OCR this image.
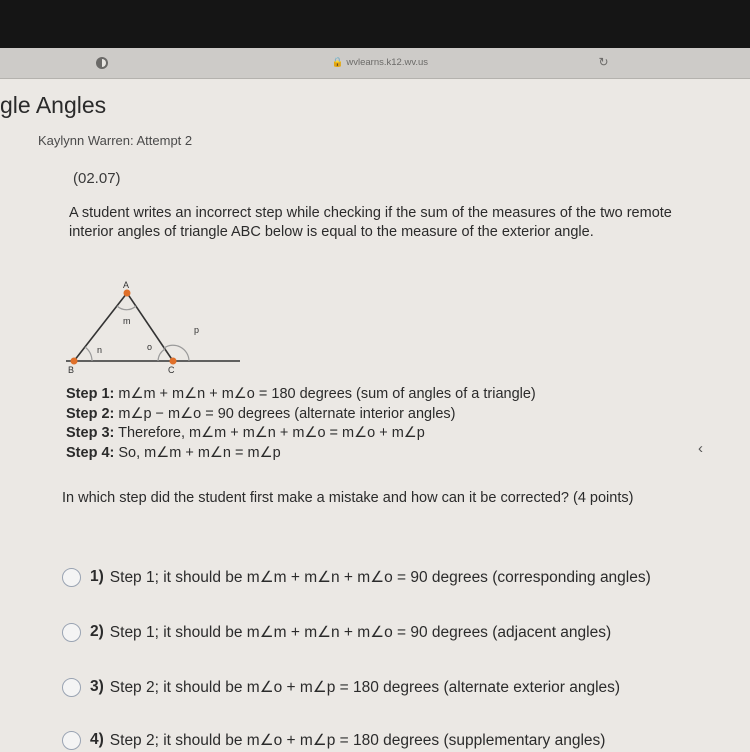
🔒 wvlearns.k12.wv.us	↻
gle Angles
Kaylynn Warren: Attempt 2
(02.07)
A student writes an incorrect step while checking if the sum of the measures of the two remote interior angles of triangle ABC below is equal to the measure of the exterior angle.
A
B	C
m
n	o
p
Step 1: m∠m + m∠n + m∠o = 180 degrees (sum of angles of a triangle)
Step 2: m∠p − m∠o = 90 degrees (alternate interior angles)
Step 3: Therefore, m∠m + m∠n + m∠o = m∠o + m∠p
Step 4: So, m∠m + m∠n = m∠p	‹
In which step did the student first make a mistake and how can it be corrected? (4 points)
1) Step 1; it should be m∠m + m∠n + m∠o = 90 degrees (corresponding angles)
2) Step 1; it should be m∠m + m∠n + m∠o = 90 degrees (adjacent angles)
3) Step 2; it should be m∠o + m∠p = 180 degrees (alternate exterior angles)
4) Step 2; it should be m∠o + m∠p = 180 degrees (supplementary angles)
